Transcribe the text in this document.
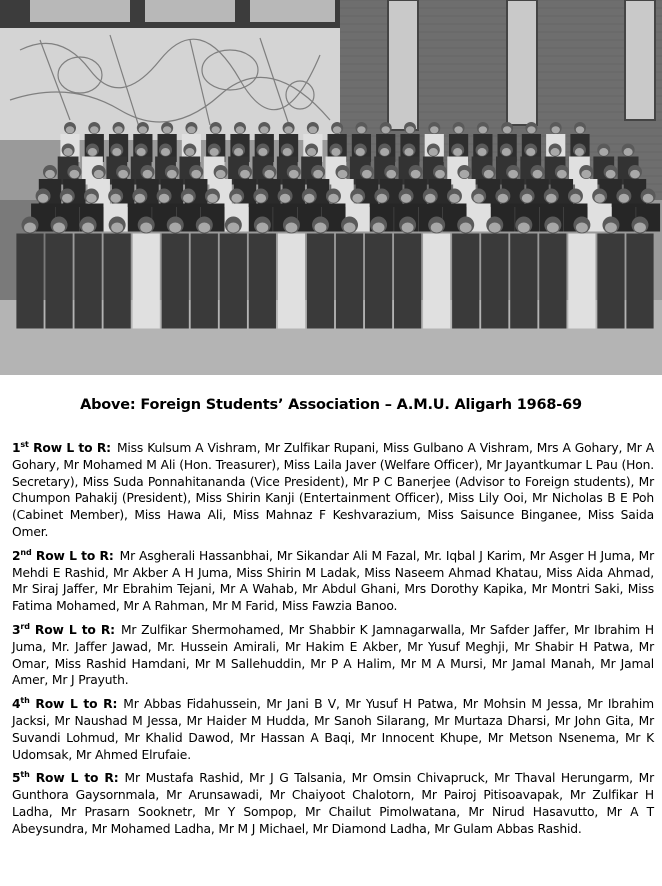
Above: Foreign Students’ Association – A.M.U. Aligarh 1968-69

1st Row L to R: Miss Kulsum A Vishram, Mr Zulfikar Rupani, Miss Gulbano A Vishram, Mrs A Gohary, Mr A Gohary, Mr Mohamed M Ali (Hon. Treasurer), Miss Laila Javer (Welfare Officer), Mr Jayantkumar L Pau (Hon. Secretary), Miss Suda Ponnahitananda (Vice President), Mr P C Banerjee (Advisor to Foreign students), Mr Chumpon Pahakij (President), Miss Shirin Kanji (Entertainment Officer), Miss Lily Ooi, Mr Nicholas B E Poh (Cabinet Member), Miss Hawa Ali, Miss Mahnaz F Keshvarazium, Miss Saisunce Binganee, Miss Saida Omer.

2nd Row L to R: Mr Asgherali Hassanbhai, Mr Sikandar Ali M Fazal, Mr. Iqbal J Karim, Mr Asger H Juma, Mr Mehdi E Rashid, Mr Akber A H Juma, Miss Shirin M Ladak, Miss Naseem Ahmad Khatau, Miss Aida Ahmad, Mr Siraj Jaffer, Mr Ebrahim Tejani, Mr A Wahab, Mr Abdul Ghani, Mrs Dorothy Kapika, Mr Montri Saki, Miss Fatima Mohamed, Mr A Rahman, Mr M Farid, Miss Fawzia Banoo.

3rd Row L to R: Mr Zulfikar Shermohamed, Mr Shabbir K Jamnagarwalla, Mr Safder Jaffer, Mr Ibrahim H Juma, Mr. Jaffer Jawad, Mr. Hussein Amirali, Mr Hakim E Akber, Mr Yusuf Meghji, Mr Shabir H Patwa, Mr Omar, Miss Rashid Hamdani, Mr M Sallehuddin, Mr P A Halim, Mr M A Mursi, Mr Jamal Manah, Mr Jamal Amer, Mr J Prayuth.

4th Row L to R: Mr Abbas Fidahussein, Mr Jani B V, Mr Yusuf H Patwa, Mr Mohsin M Jessa, Mr Ibrahim Jacksi, Mr Naushad M Jessa, Mr Haider M Hudda, Mr Sanoh Silarang, Mr Murtaza Dharsi, Mr John Gita, Mr Suvandi Lohmud, Mr Khalid Dawod, Mr Hassan A Baqi, Mr Innocent Khupe, Mr Metson Nsenema, Mr K Udomsak, Mr Ahmed Elrufaie.

5th Row L to R: Mr Mustafa Rashid, Mr J G Talsania, Mr Omsin Chivapruck, Mr Thaval Herungarm, Mr Gunthora Gaysornmala, Mr Arunsawadi, Mr Chaiyoot Chalotorn, Mr Pairoj Pitisoavapak, Mr Zulfikar H Ladha, Mr Prasarn Sooknetr, Mr Y Sompop, Mr Chailut Pimolwatana, Mr Nirud Hasavutto, Mr A T Abeysundra, Mr Mohamed Ladha, Mr M J Michael, Mr Diamond Ladha, Mr Gulam Abbas Rashid.
